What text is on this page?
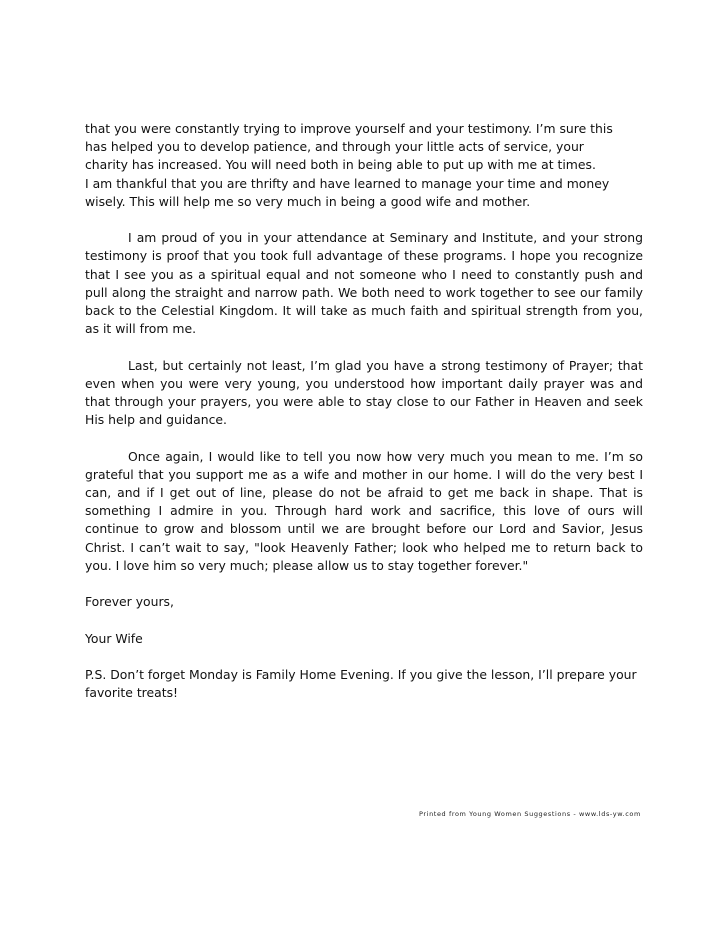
that you were constantly trying to improve yourself and your testimony. I’m sure this
has helped you to develop patience, and through your little acts of service, your
charity has increased. You will need both in being able to put up with me at times.
I am thankful that you are thrifty and have learned to manage your time and money
wisely. This will help me so very much in being a good wife and mother.

I am proud of you in your attendance at Seminary and Institute, and your strong testimony is proof that you took full advantage of these programs. I hope you recognize that I see you as a spiritual equal and not someone who I need to constantly push and pull along the straight and narrow path. We both need to work together to see our family back to the Celestial Kingdom. It will take as much faith and spiritual strength from you, as it will from me.

Last, but certainly not least, I’m glad you have a strong testimony of Prayer; that even when you were very young, you understood how important daily prayer was and that through your prayers, you were able to stay close to our Father in Heaven and seek His help and guidance.

Once again, I would like to tell you now how very much you mean to me. I’m so grateful that you support me as a wife and mother in our home. I will do the very best I can, and if I get out of line, please do not be afraid to get me back in shape. That is something I admire in you. Through hard work and sacrifice, this love of ours will continue to grow and blossom until we are brought before our Lord and Savior, Jesus Christ. I can’t wait to say, "look Heavenly Father; look who helped me to return back to you. I love him so very much; please allow us to stay together forever."

Forever yours,

Your Wife

P.S. Don’t forget Monday is Family Home Evening. If you give the lesson, I’ll prepare your favorite treats!

Printed from Young Women Suggestions - www.lds-yw.com
